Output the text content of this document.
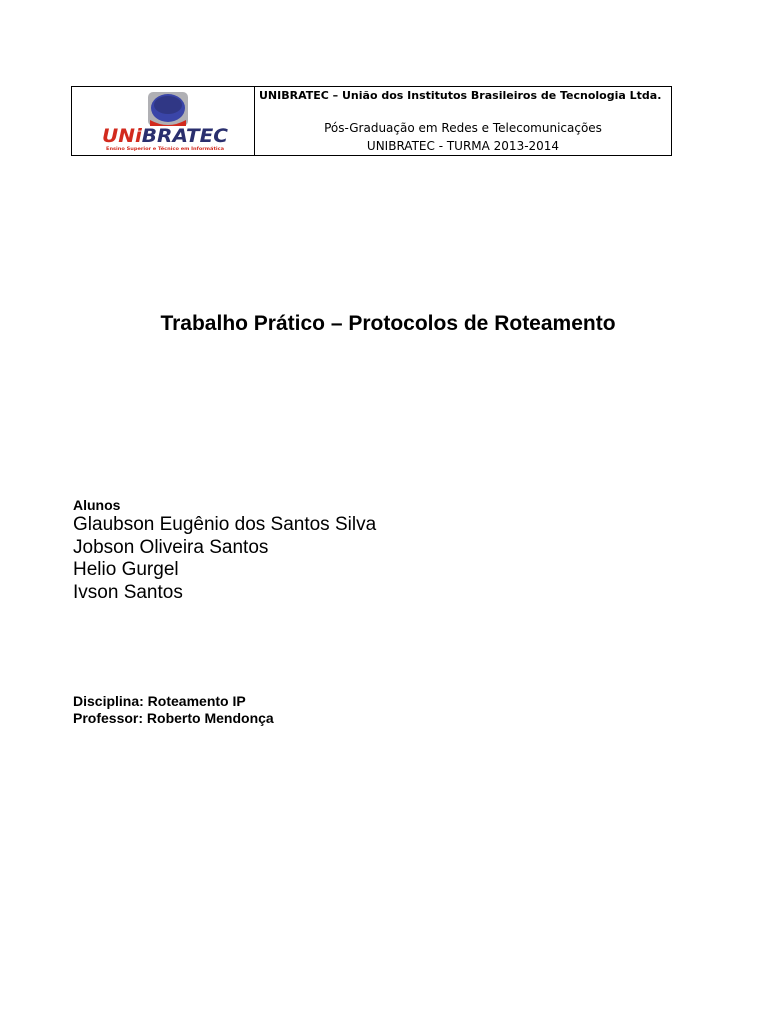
UNi BRATEC
Ensino Superior e Técnico em Informática
UNIBRATEC – União dos Institutos Brasileiros de Tecnologia Ltda.
Pós-Graduação em Redes e Telecomunicações
UNIBRATEC - TURMA 2013-2014
Trabalho Prático – Protocolos de Roteamento
Alunos
Glaubson Eugênio dos Santos Silva
Jobson Oliveira Santos
Helio Gurgel
Ivson Santos
Disciplina: Roteamento IP
Professor: Roberto Mendonça
